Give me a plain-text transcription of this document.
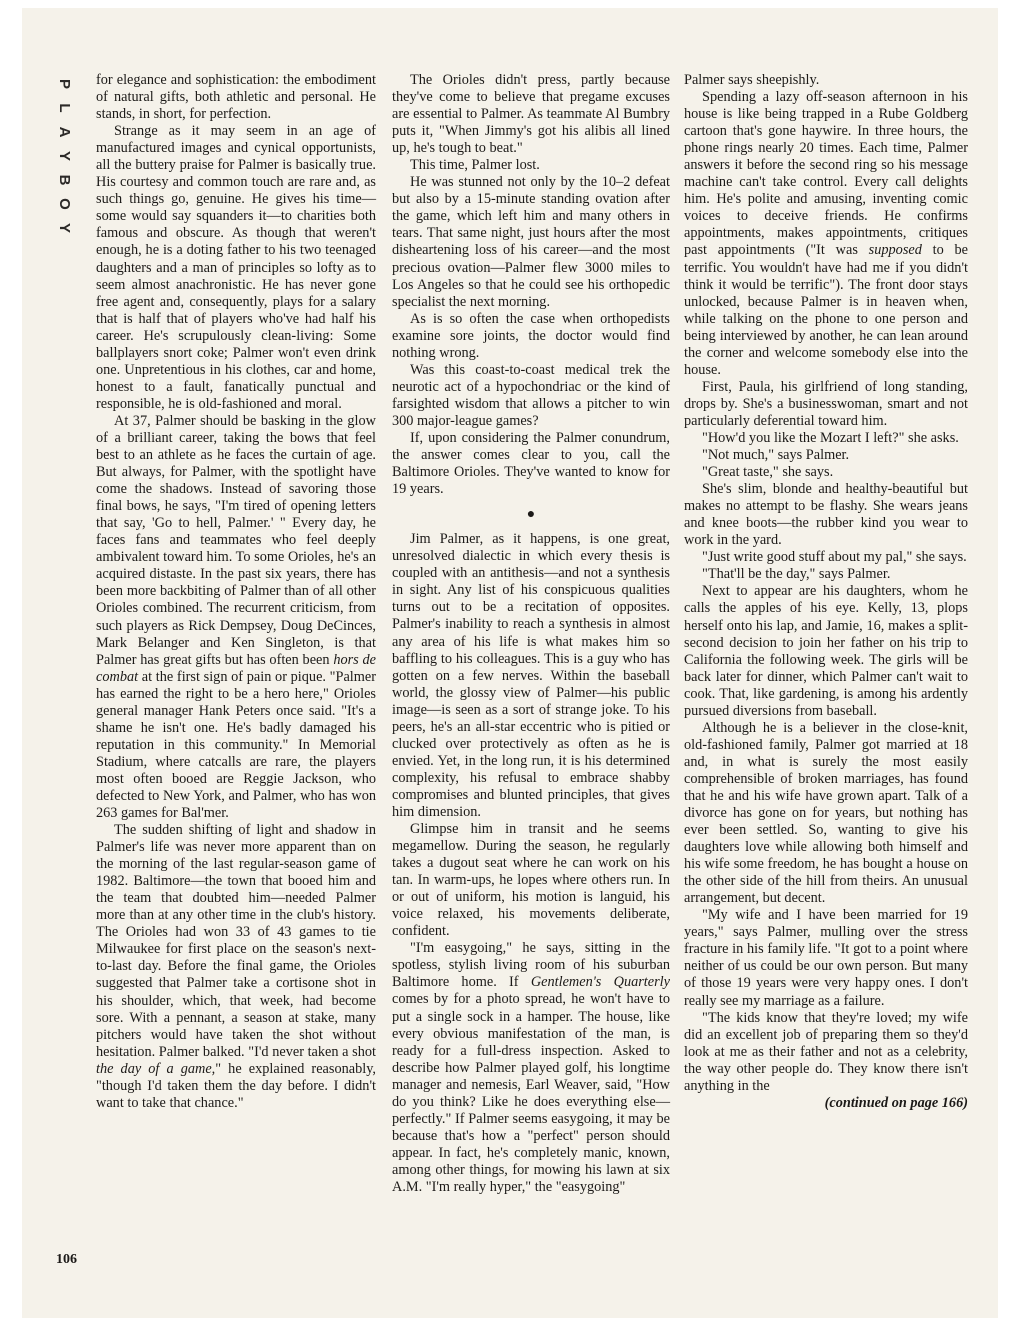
P
L
A
Y
B
O
Y

for elegance and sophistication: the embodiment of natural gifts, both athletic and personal. He stands, in short, for perfection.

Strange as it may seem in an age of manufactured images and cynical opportunists, all the buttery praise for Palmer is basically true. His courtesy and common touch are rare and, as such things go, genuine. He gives his time—some would say squanders it—to charities both famous and obscure. As though that weren't enough, he is a doting father to his two teenaged daughters and a man of principles so lofty as to seem almost anachronistic. He has never gone free agent and, consequently, plays for a salary that is half that of players who've had half his career. He's scrupulously clean-living: Some ballplayers snort coke; Palmer won't even drink one. Unpretentious in his clothes, car and home, honest to a fault, fanatically punctual and responsible, he is old-fashioned and moral.

At 37, Palmer should be basking in the glow of a brilliant career, taking the bows that feel best to an athlete as he faces the curtain of age. But always, for Palmer, with the spotlight have come the shadows. Instead of savoring those final bows, he says, "I'm tired of opening letters that say, 'Go to hell, Palmer.' " Every day, he faces fans and teammates who feel deeply ambivalent toward him. To some Orioles, he's an acquired distaste. In the past six years, there has been more backbiting of Palmer than of all other Orioles combined. The recurrent criticism, from such players as Rick Dempsey, Doug DeCinces, Mark Belanger and Ken Singleton, is that Palmer has great gifts but has often been hors de combat at the first sign of pain or pique. "Palmer has earned the right to be a hero here," Orioles general manager Hank Peters once said. "It's a shame he isn't one. He's badly damaged his reputation in this community." In Memorial Stadium, where catcalls are rare, the players most often booed are Reggie Jackson, who defected to New York, and Palmer, who has won 263 games for Bal'mer.

The sudden shifting of light and shadow in Palmer's life was never more apparent than on the morning of the last regular-season game of 1982. Baltimore—the town that booed him and the team that doubted him—needed Palmer more than at any other time in the club's history. The Orioles had won 33 of 43 games to tie Milwaukee for first place on the season's next-to-last day. Before the final game, the Orioles suggested that Palmer take a cortisone shot in his shoulder, which, that week, had become sore. With a pennant, a season at stake, many pitchers would have taken the shot without hesitation. Palmer balked. "I'd never taken a shot the day of a game," he explained reasonably, "though I'd taken them the day before. I didn't want to take that chance."

The Orioles didn't press, partly because they've come to believe that pregame excuses are essential to Palmer. As teammate Al Bumbry puts it, "When Jimmy's got his alibis all lined up, he's tough to beat."

This time, Palmer lost.

He was stunned not only by the 10–2 defeat but also by a 15-minute standing ovation after the game, which left him and many others in tears. That same night, just hours after the most disheartening loss of his career—and the most precious ovation—Palmer flew 3000 miles to Los Angeles so that he could see his orthopedic specialist the next morning.

As is so often the case when orthopedists examine sore joints, the doctor would find nothing wrong.

Was this coast-to-coast medical trek the neurotic act of a hypochondriac or the kind of farsighted wisdom that allows a pitcher to win 300 major-league games?

If, upon considering the Palmer conundrum, the answer comes clear to you, call the Baltimore Orioles. They've wanted to know for 19 years.

●

Jim Palmer, as it happens, is one great, unresolved dialectic in which every thesis is coupled with an antithesis—and not a synthesis in sight. Any list of his conspicuous qualities turns out to be a recitation of opposites. Palmer's inability to reach a synthesis in almost any area of his life is what makes him so baffling to his colleagues. This is a guy who has gotten on a few nerves. Within the baseball world, the glossy view of Palmer—his public image—is seen as a sort of strange joke. To his peers, he's an all-star eccentric who is pitied or clucked over protectively as often as he is envied. Yet, in the long run, it is his determined complexity, his refusal to embrace shabby compromises and blunted principles, that gives him dimension.

Glimpse him in transit and he seems megamellow. During the season, he regularly takes a dugout seat where he can work on his tan. In warm-ups, he lopes where others run. In or out of uniform, his motion is languid, his voice relaxed, his movements deliberate, confident.

"I'm easygoing," he says, sitting in the spotless, stylish living room of his suburban Baltimore home. If Gentlemen's Quarterly comes by for a photo spread, he won't have to put a single sock in a hamper. The house, like every obvious manifestation of the man, is ready for a full-dress inspection. Asked to describe how Palmer played golf, his longtime manager and nemesis, Earl Weaver, said, "How do you think? Like he does everything else—perfectly." If Palmer seems easygoing, it may be because that's how a "perfect" person should appear. In fact, he's completely manic, known, among other things, for mowing his lawn at six A.M. "I'm really hyper," the "easygoing"

Palmer says sheepishly.

Spending a lazy off-season afternoon in his house is like being trapped in a Rube Goldberg cartoon that's gone haywire. In three hours, the phone rings nearly 20 times. Each time, Palmer answers it before the second ring so his message machine can't take control. Every call delights him. He's polite and amusing, inventing comic voices to deceive friends. He confirms appointments, makes appointments, critiques past appointments ("It was supposed to be terrific. You wouldn't have had me if you didn't think it would be terrific"). The front door stays unlocked, because Palmer is in heaven when, while talking on the phone to one person and being interviewed by another, he can lean around the corner and welcome somebody else into the house.

First, Paula, his girlfriend of long standing, drops by. She's a businesswoman, smart and not particularly deferential toward him.

"How'd you like the Mozart I left?" she asks.

"Not much," says Palmer.

"Great taste," she says.

She's slim, blonde and healthy-beautiful but makes no attempt to be flashy. She wears jeans and knee boots—the rubber kind you wear to work in the yard.

"Just write good stuff about my pal," she says.

"That'll be the day," says Palmer.

Next to appear are his daughters, whom he calls the apples of his eye. Kelly, 13, plops herself onto his lap, and Jamie, 16, makes a split-second decision to join her father on his trip to California the following week. The girls will be back later for dinner, which Palmer can't wait to cook. That, like gardening, is among his ardently pursued diversions from baseball.

Although he is a believer in the close-knit, old-fashioned family, Palmer got married at 18 and, in what is surely the most easily comprehensible of broken marriages, has found that he and his wife have grown apart. Talk of a divorce has gone on for years, but nothing has ever been settled. So, wanting to give his daughters love while allowing both himself and his wife some freedom, he has bought a house on the other side of the hill from theirs. An unusual arrangement, but decent.

"My wife and I have been married for 19 years," says Palmer, mulling over the stress fracture in his family life. "It got to a point where neither of us could be our own person. But many of those 19 years were very happy ones. I don't really see my marriage as a failure.

"The kids know that they're loved; my wife did an excellent job of preparing them so they'd look at me as their father and not as a celebrity, the way other people do. They know there isn't anything in the

(continued on page 166)
106
